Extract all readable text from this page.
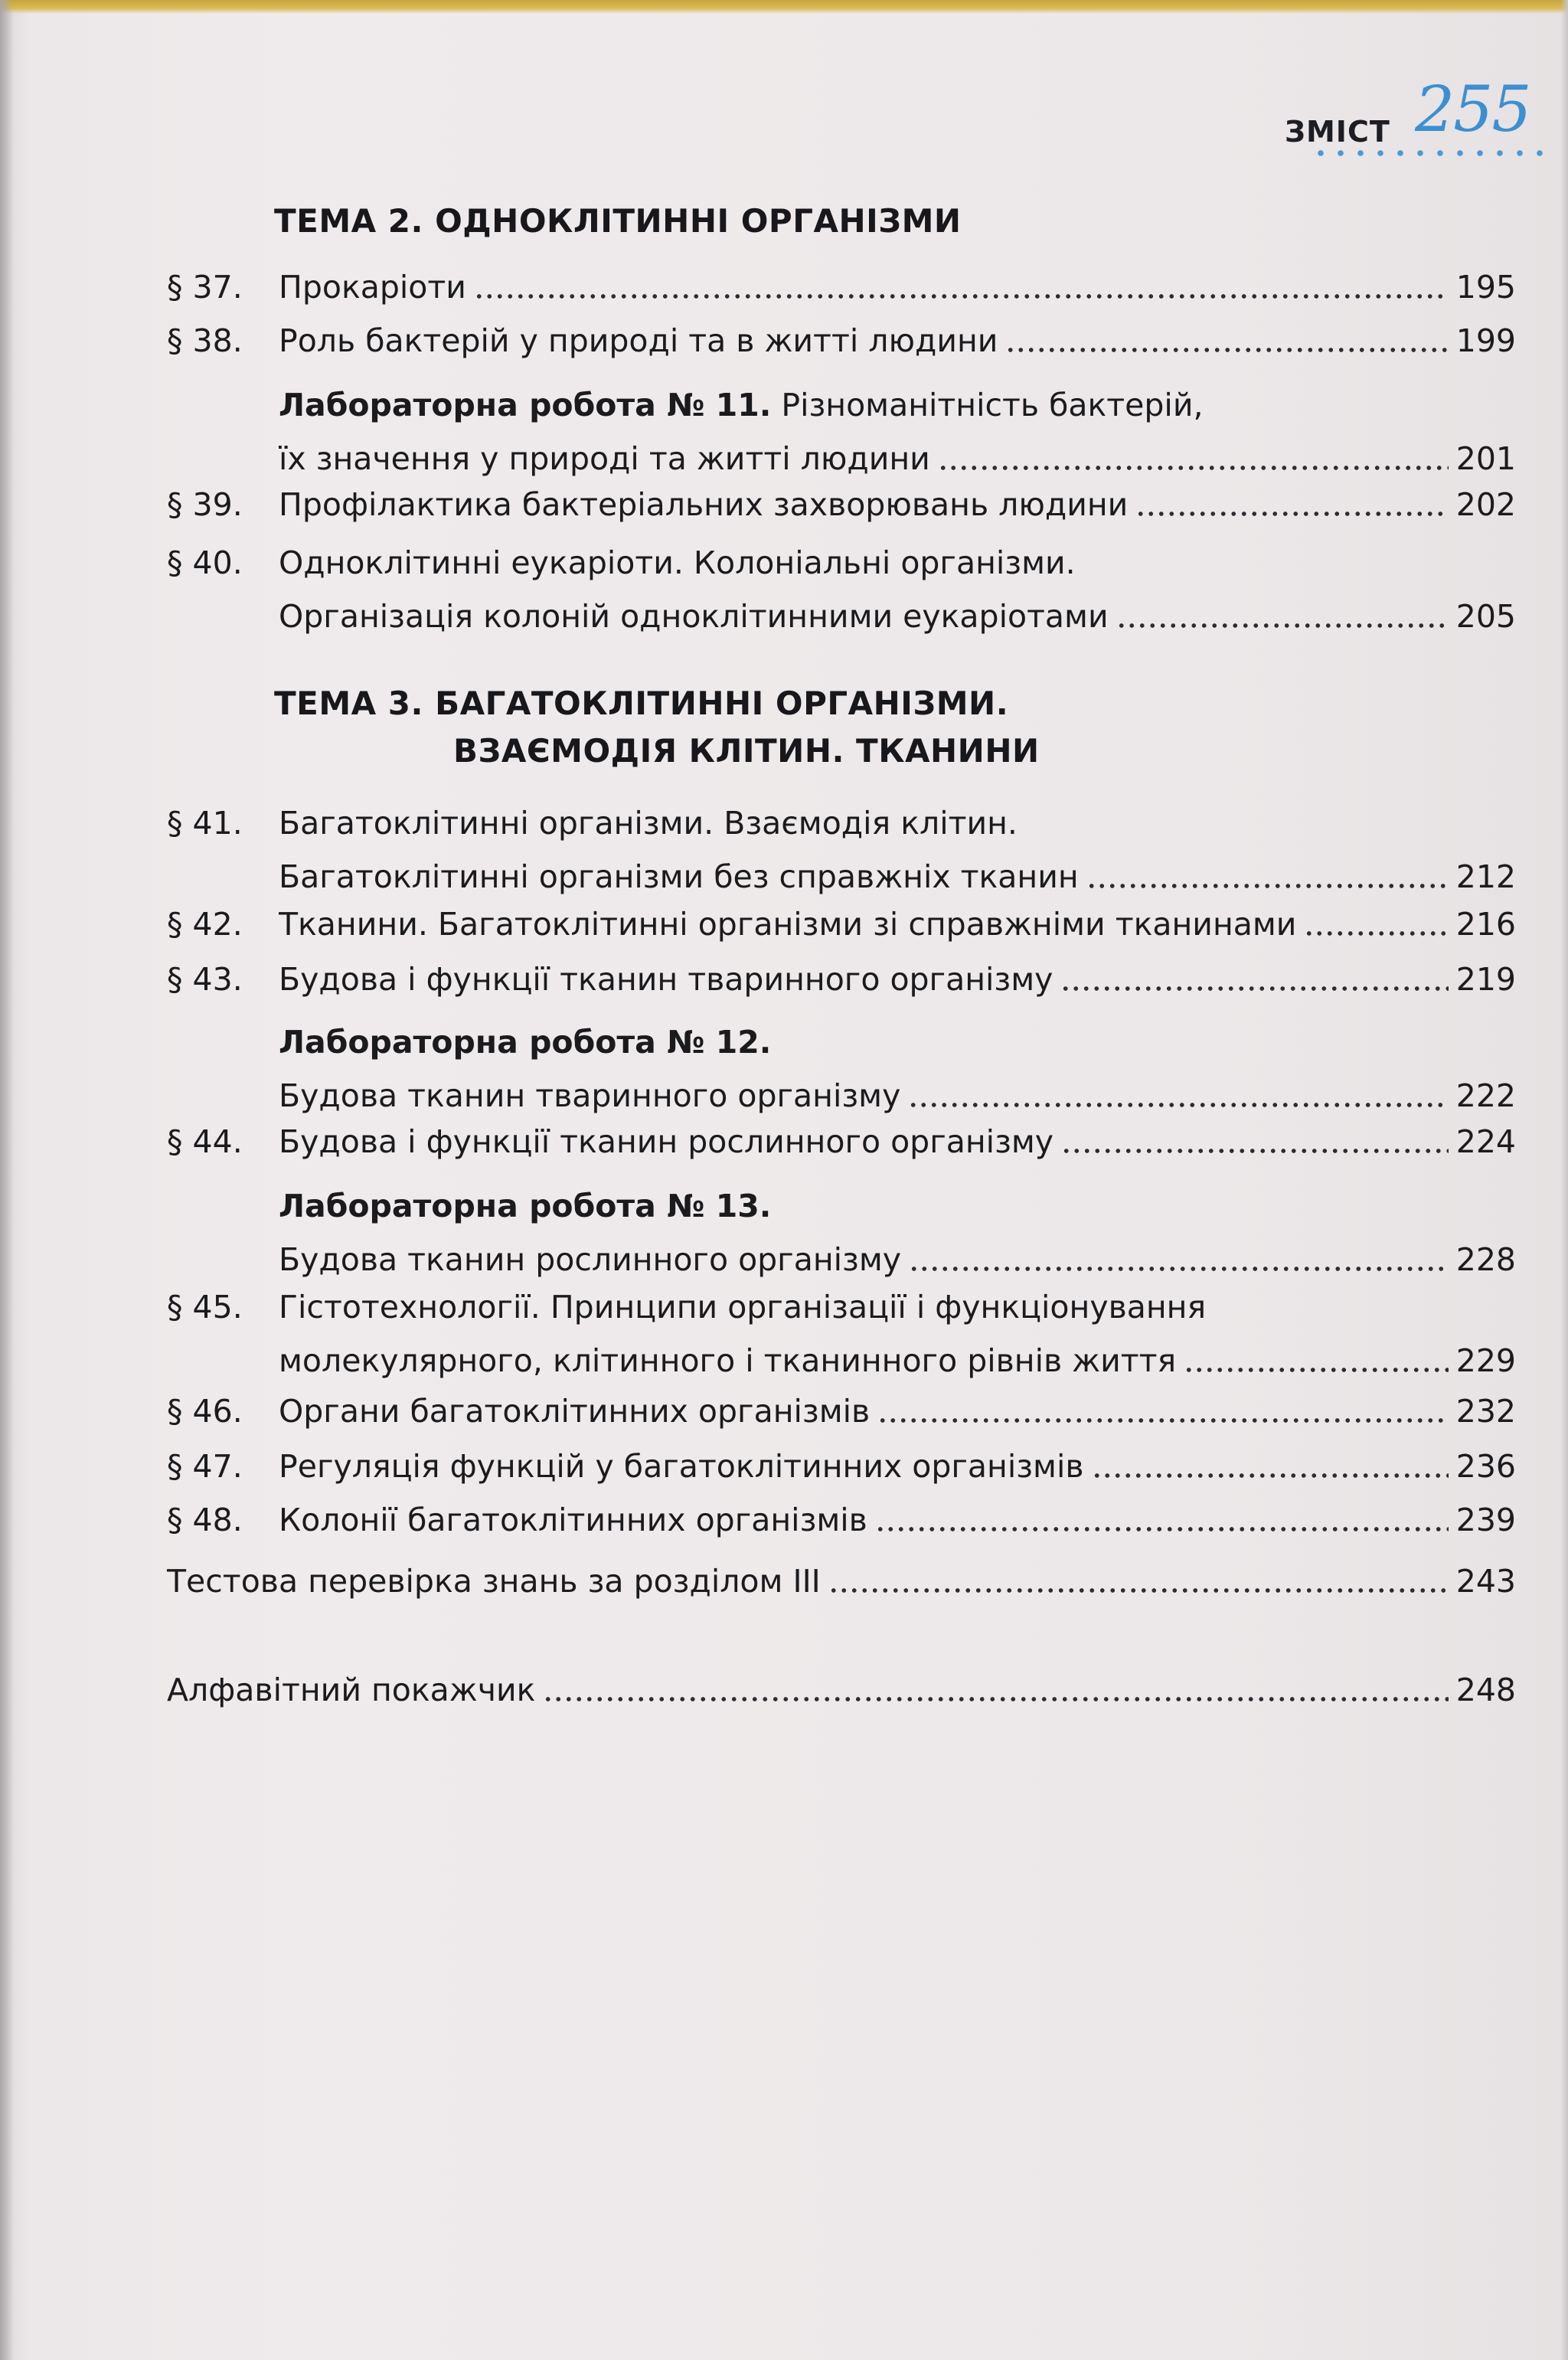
ЗМІСТ 255
ТЕМА 2. ОДНОКЛІТИННІ ОРГАНІЗМИ
§ 37.	Прокаріоти	195
§ 38.	Роль бактерій у природі та в житті людини	199
Лабораторна робота № 11. Різноманітність бактерій,
їх значення у природі та житті людини	201
§ 39.	Профілактика бактеріальних захворювань людини	202
§ 40.	Одноклітинні еукаріоти. Колоніальні організми.
Організація колоній одноклітинними еукаріотами	205
ТЕМА 3. БАГАТОКЛІТИННІ ОРГАНІЗМИ.
ВЗАЄМОДІЯ КЛІТИН. ТКАНИНИ
§ 41.	Багатоклітинні організми. Взаємодія клітин.
Багатоклітинні організми без справжніх тканин	212
§ 42.	Тканини. Багатоклітинні організми зі справжніми тканинами	216
§ 43.	Будова і функції тканин тваринного організму	219
Лабораторна робота № 12.
Будова тканин тваринного організму	222
§ 44.	Будова і функції тканин рослинного організму	224
Лабораторна робота № 13.
Будова тканин рослинного організму	228
§ 45.	Гістотехнології. Принципи організації і функціонування
молекулярного, клітинного і тканинного рівнів життя	229
§ 46.	Органи багатоклітинних організмів	232
§ 47.	Регуляція функцій у багатоклітинних організмів	236
§ 48.	Колонії багатоклітинних організмів	239
Тестова перевірка знань за розділом III	243
Алфавітний покажчик	248
